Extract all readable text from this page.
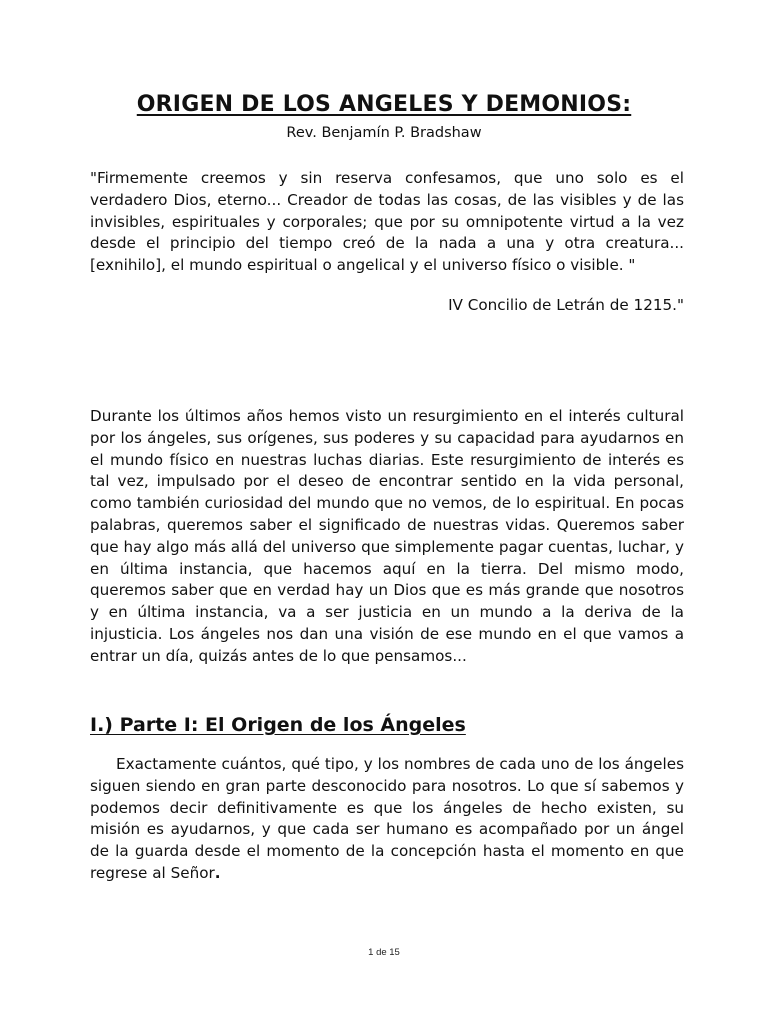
ORIGEN DE LOS ANGELES Y DEMONIOS:
Rev. Benjamín P. Bradshaw

"Firmemente creemos y sin reserva confesamos, que uno solo es el verdadero Dios, eterno... Creador de todas las cosas, de las visibles y de las invisibles, espirituales y corporales; que por su omnipotente virtud a la vez desde el principio del tiempo creó de la nada a una y otra creatura... [exnihilo], el mundo espiritual o angelical y el universo físico o visible. "

IV Concilio de Letrán de 1215."

Durante los últimos años hemos visto un resurgimiento en el interés cultural por los ángeles, sus orígenes, sus poderes y su capacidad para ayudarnos en el mundo físico en nuestras luchas diarias. Este resurgimiento de interés es tal vez, impulsado por el deseo de encontrar sentido en la vida personal, como también curiosidad del mundo que no vemos, de lo espiritual. En pocas palabras, queremos saber el significado de nuestras vidas. Queremos saber que hay algo más allá del universo que simplemente pagar cuentas, luchar, y en última instancia, que hacemos aquí en la tierra. Del mismo modo, queremos saber que en verdad hay un Dios que es más grande que nosotros y en última instancia, va a ser justicia en un mundo a la deriva de la injusticia. Los ángeles nos dan una visión de ese mundo en el que vamos a entrar un día, quizás antes de lo que pensamos...

I.) Parte I: El Origen de los Ángeles

Exactamente cuántos, qué tipo, y los nombres de cada uno de los ángeles siguen siendo en gran parte desconocido para nosotros. Lo que sí sabemos y podemos decir definitivamente es que los ángeles de hecho existen, su misión es ayudarnos, y que cada ser humano es acompañado por un ángel de la guarda desde el momento de la concepción hasta el momento en que regrese al Señor.

1 de 15
